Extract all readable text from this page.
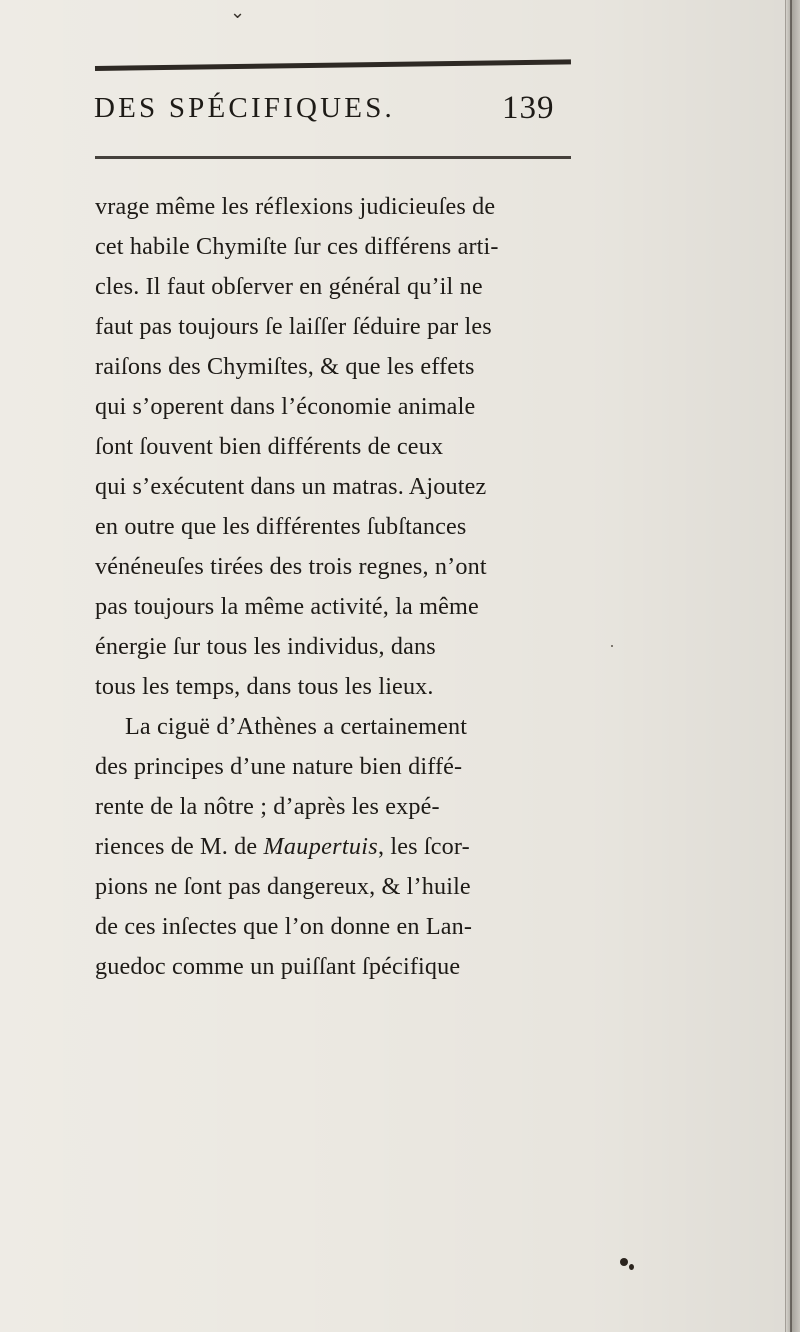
⌄
DES SPÉCIFIQUES.	139
vrage même les réflexions judicieuſes de
cet habile Chymiſte ſur ces différens arti-
cles. Il faut obſerver en général qu’il ne
faut pas toujours ſe laiſſer ſéduire par les
raiſons des Chymiſtes, & que les effets
qui s’operent dans l’économie animale
ſont ſouvent bien différents de ceux
qui s’exécutent dans un matras. Ajoutez
en outre que les différentes ſubſtances
vénéneuſes tirées des trois regnes, n’ont
pas toujours la même activité, la même
énergie ſur tous les individus, dans
tous les temps, dans tous les lieux.
La ciguë d’Athènes a certainement
des principes d’une nature bien diffé-
rente de la nôtre ; d’après les expé-
riences de M. de Maupertuis, les ſcor-
pions ne ſont pas dangereux, & l’huile
de ces inſectes que l’on donne en Lan-
guedoc comme un puiſſant ſpécifique
